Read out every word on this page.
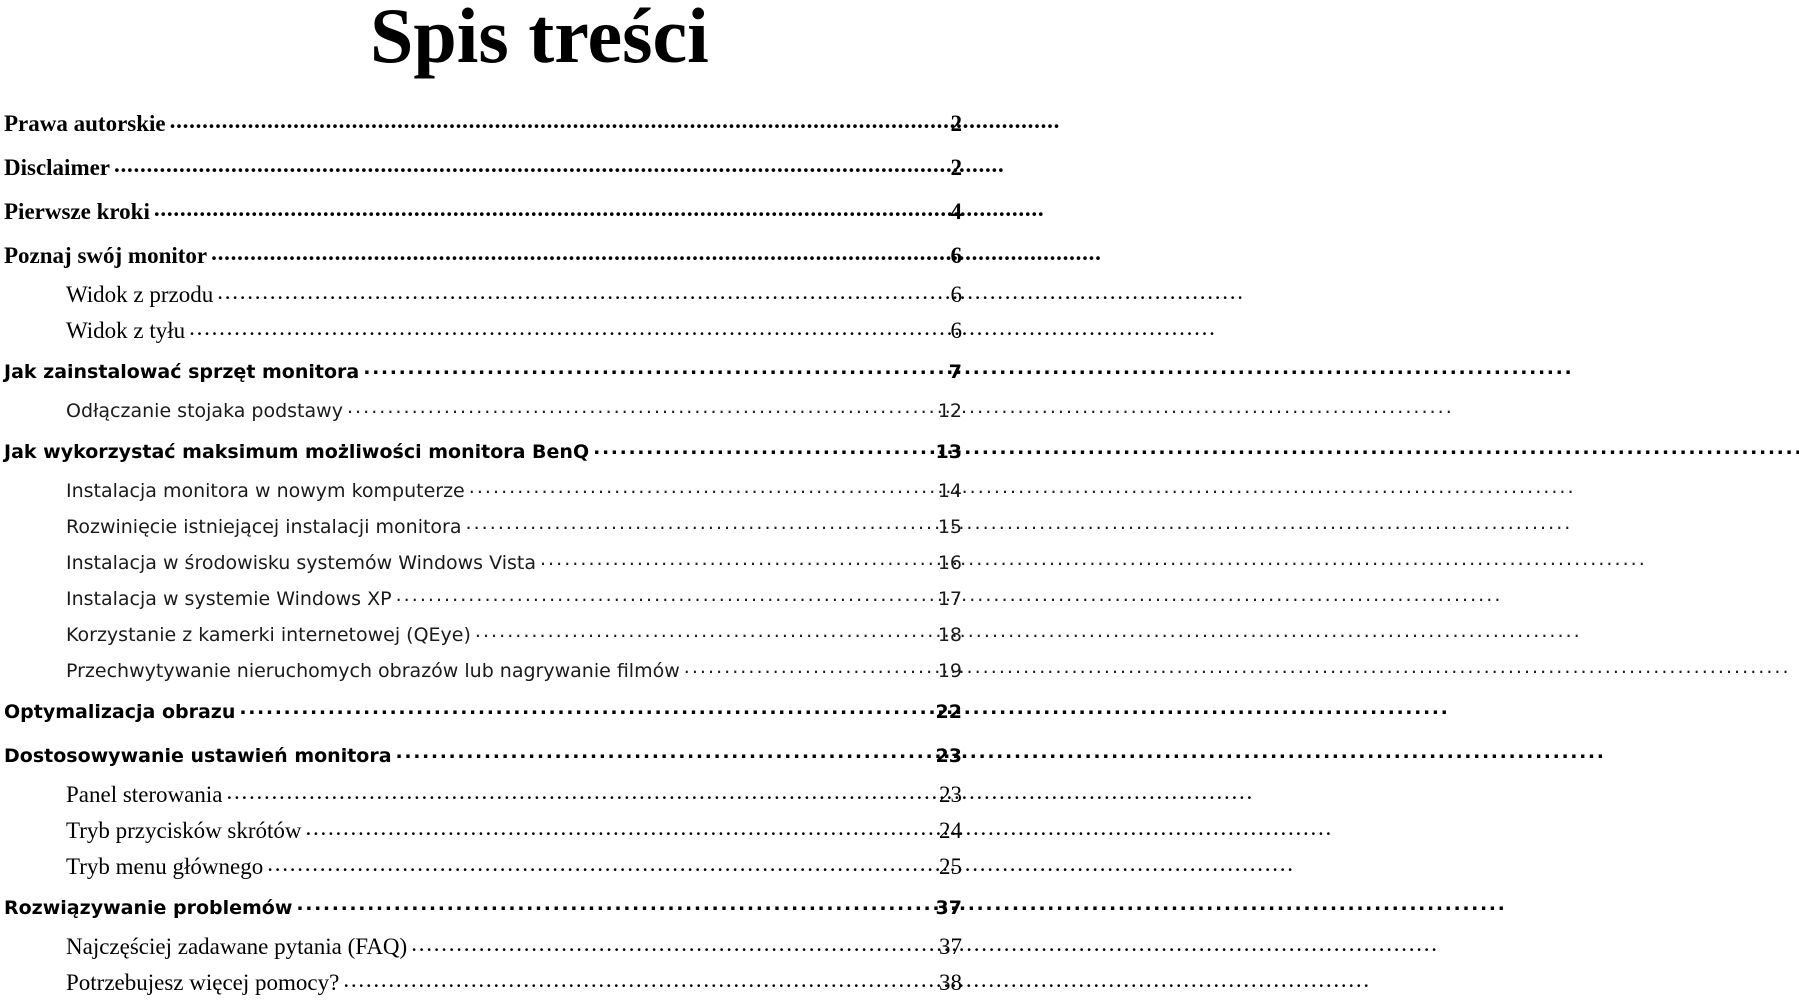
Spis treści
Prawa autorskie . . .	2
Disclaimer . . .	2
Pierwsze kroki . . .	4
Poznaj swój monitor . . .	6
Widok z przodu . . .	6
Widok z tyłu . . .	6
Jak zainstalować sprzęt monitora . . .	7
Odłączanie stojaka podstawy . . .	12
Jak wykorzystać maksimum możliwości monitora BenQ . . .	13
Instalacja monitora w nowym komputerze . . .	14
Rozwinięcie istniejącej instalacji monitora . . .	15
Instalacja w środowisku systemów Windows Vista . . .	16
Instalacja w systemie Windows XP . . .	17
Korzystanie z kamerki internetowej (QEye) . . .	18
Przechwytywanie nieruchomych obrazów lub nagrywanie filmów . . .	19
Optymalizacja obrazu . . .	22
Dostosowywanie ustawień monitora . . .	23
Panel sterowania . . .	23
Tryb przycisków skrótów . . .	24
Tryb menu głównego . . .	25
Rozwiązywanie problemów . . .	37
Najczęściej zadawane pytania (FAQ) . . .	37
Potrzebujesz więcej pomocy? . . .	38
